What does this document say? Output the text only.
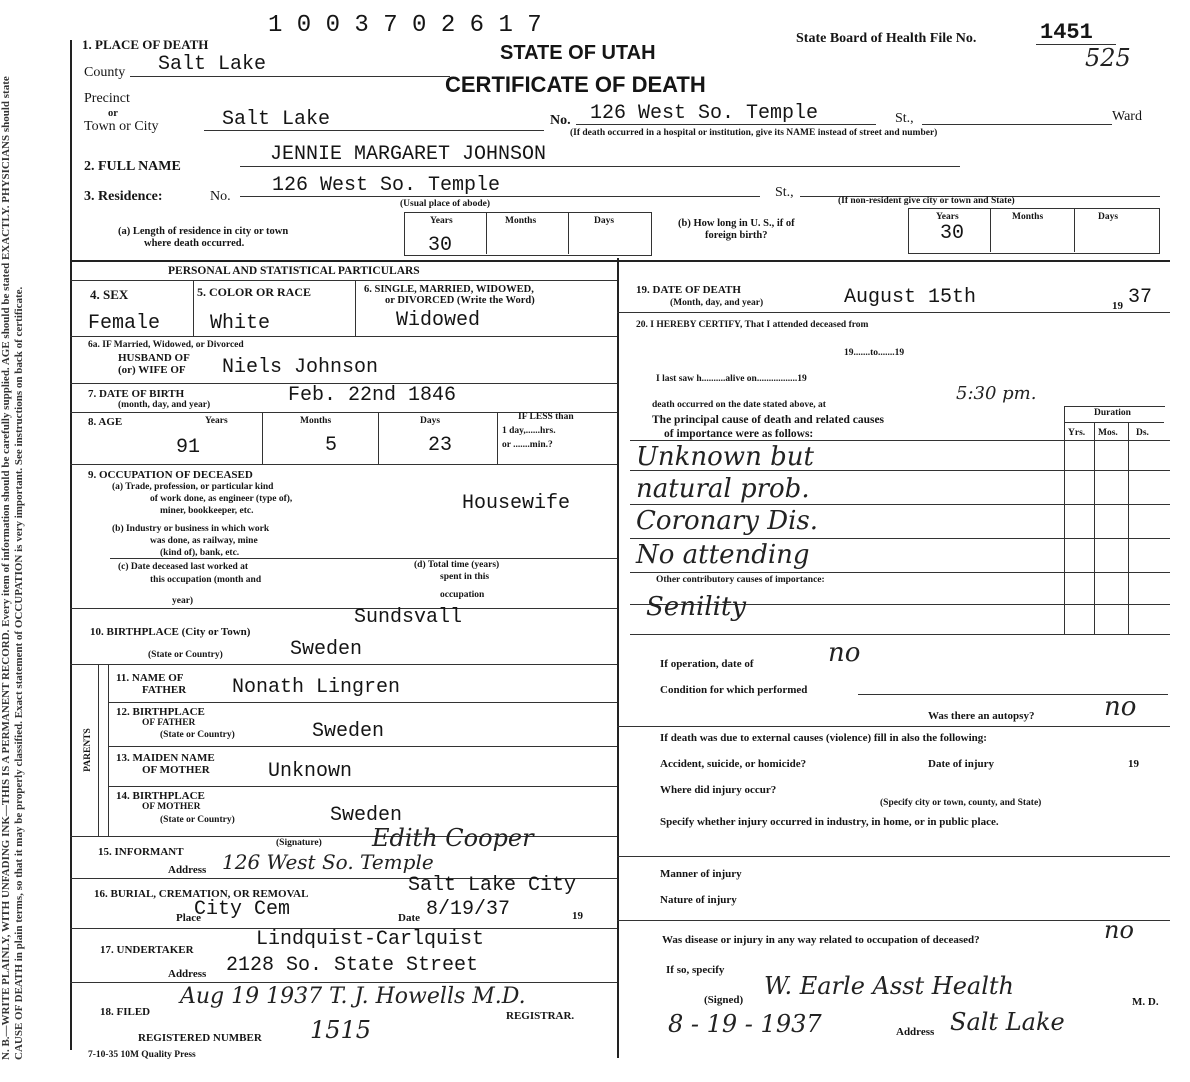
N. B.—WRITE PLAINLY, WITH UNFADING INK—THIS IS A PERMANENT RECORD. Every item of information should be carefully supplied. AGE should be stated EXACTLY. PHYSICIANS should state CAUSE OF DEATH in plain terms, so that it may be properly classified. Exact statement of OCCUPATION is very important. See instructions on back of certificate.
1 0 0 3 7 0 2 6 1 7
STATE OF UTAH
CERTIFICATE OF DEATH
State Board of Health File No.	1451
525
1. PLACE OF DEATH
County Salt Lake
Precinct
or
Town or City	Salt Lake	No. 126 West So. Temple	St.,	Ward
(If death occurred in a hospital or institution, give its NAME instead of street and number)
2. FULL NAME
JENNIE MARGARET JOHNSON
3. Residence:	No. 126 West So. Temple	St.,
(Usual place of abode)	(If non-resident give city or town and State)
(a) Length of residence in city or town
where death occurred.
Years	Months	Days
30
(b) How long in U. S., if of
foreign birth?
Years	Months	Days
30
PERSONAL AND STATISTICAL PARTICULARS
4. SEX
Female
5. COLOR OR RACE
White
6. SINGLE, MARRIED, WIDOWED,
or DIVORCED (Write the Word)
Widowed
6a. IF Married, Widowed, or Divorced
HUSBAND OF
(or) WIFE OF Niels Johnson
7. DATE OF BIRTH
(month, day, and year)	Feb. 22nd 1846
8. AGE	Years	Months	Days
91	5	23
IF LESS than
1 day,......hrs.
or .......min.?
9. OCCUPATION OF DECEASED
(a) Trade, profession, or particular kind
of work done, as engineer (type of),
miner, bookkeeper, etc.	Housewife
(b) Industry or business in which work
was done, as railway, mine
(kind of), bank, etc.
(c) Date deceased last worked at
this occupation (month and
year)
(d) Total time (years)
spent in this
occupation
10. BIRTHPLACE (City or Town)
Sundsvall
(State or Country)	Sweden
PARENTS
11. NAME OF
FATHER Nonath Lingren
12. BIRTHPLACE
OF FATHER
(State or Country)	Sweden
13. MAIDEN NAME
OF MOTHER	Unknown
14. BIRTHPLACE
OF MOTHER
(State or Country)	Sweden
15. INFORMANT
(Signature) Edith Cooper
Address 126 West So. Temple
16. BURIAL, CREMATION, OR REMOVAL	Salt Lake City
Place
City Cem	Date 8/19/37	19
17. UNDERTAKER	Lindquist-Carlquist
Address 2128 So. State Street
18. FILED
Aug 19 1937 T. J. Howells M.D.
REGISTRAR.
REGISTERED NUMBER 1515
7-10-35 10M Quality Press
19. DATE OF DEATH
(Month, day, and year)	August 15th	19 37
20. I HEREBY CERTIFY, That I attended deceased from
19.......to.......19
I last saw h..........alive on.................19
death occurred on the date stated above, at
5:30 pm.
The principal cause of death and related causes
of importance were as follows:
Duration
Yrs. Mos. Ds.
Unknown but
natural prob.
Coronary Dis.
No attending
Other contributory causes of importance:
Senility
If operation, date of	no
Condition for which performed
Was there an autopsy?	no
If death was due to external causes (violence) fill in also the following:
Accident, suicide, or homicide?	Date of injury	19
Where did injury occur?
(Specify city or town, county, and State)
Specify whether injury occurred in industry, in home, or in public place.
Manner of injury
Nature of injury
Was disease or injury in any way related to occupation of deceased?	no
If so, specify
(Signed) W. Earle Asst Health
M. D.
8 - 19 - 1937	Address Salt Lake
